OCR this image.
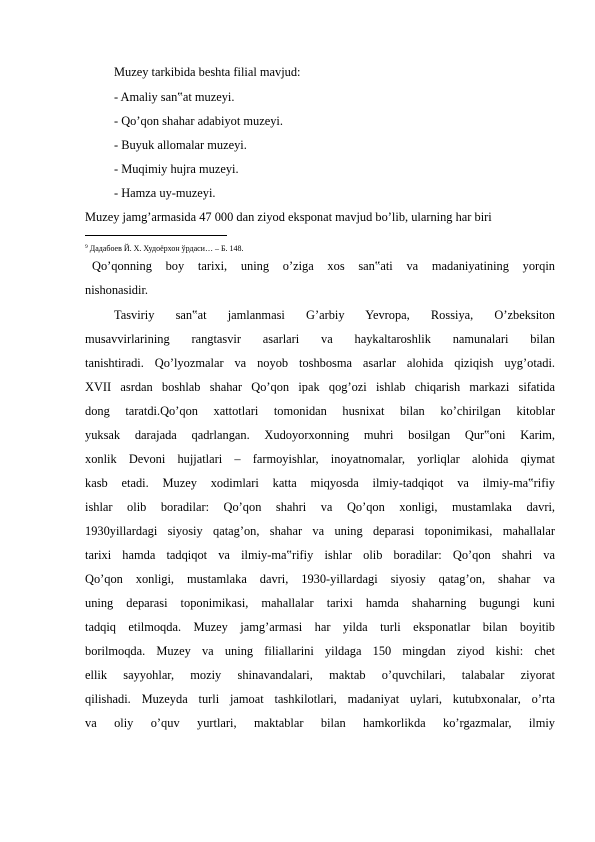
Muzey tarkibida beshta filial mavjud:
- Amaliy san‟at muzeyi.
- Qo’qon shahar adabiyot muzeyi.
- Buyuk allomalar muzeyi.
- Muqimiy hujra muzeyi.
- Hamza uy-muzeyi.
Muzey jamg’armasida 47 000 dan ziyod eksponat mavjud bo’lib, ularning har biri
$^9$ Дадабоев Й. Х. Худоёрхон ўрдаси… – Б. 148.
Qo’qonning boy tarixi, uning o’ziga xos san‟ati va madaniyatining yorqin
nishonasidir.
Tasviriy san‟at jamlanmasi G’arbiy Yevropa, Rossiya, O’zbeksiton
musavvirlarining rangtasvir asarlari va haykaltaroshlik namunalari bilan
tanishtiradi. Qo’lyozmalar va noyob toshbosma asarlar alohida qiziqish uyg’otadi.
XVII asrdan boshlab shahar Qo’qon ipak qog’ozi ishlab chiqarish markazi sifatida
dong taratdi.Qo’qon xattotlari tomonidan husnixat bilan ko’chirilgan kitoblar
yuksak darajada qadrlangan. Xudoyorxonning muhri bosilgan Qur‟oni Karim,
xonlik Devoni hujjatlari – farmoyishlar, inoyatnomalar, yorliqlar alohida qiymat
kasb etadi. Muzey xodimlari katta miqyosda ilmiy-tadqiqot va ilmiy-ma‟rifiy
ishlar olib boradilar: Qo’qon shahri va Qo’qon xonligi, mustamlaka davri,
1930yillardagi siyosiy qatag’on, shahar va uning deparasi toponimikasi, mahallalar
tarixi hamda tadqiqot va ilmiy-ma‟rifiy ishlar olib boradilar: Qo’qon shahri va
Qo’qon xonligi, mustamlaka davri, 1930-yillardagi siyosiy qatag’on, shahar va
uning deparasi toponimikasi, mahallalar tarixi hamda shaharning bugungi kuni
tadqiq etilmoqda. Muzey jamg’armasi har yilda turli eksponatlar bilan boyitib
borilmoqda. Muzey va uning filiallarini yildaga 150 mingdan ziyod kishi: chet
ellik sayyohlar, moziy shinavandalari, maktab o’quvchilari, talabalar ziyorat
qilishadi. Muzeyda turli jamoat tashkilotlari, madaniyat uylari, kutubxonalar, o’rta
va oliy o’quv yurtlari, maktablar bilan hamkorlikda ko’rgazmalar, ilmiy
